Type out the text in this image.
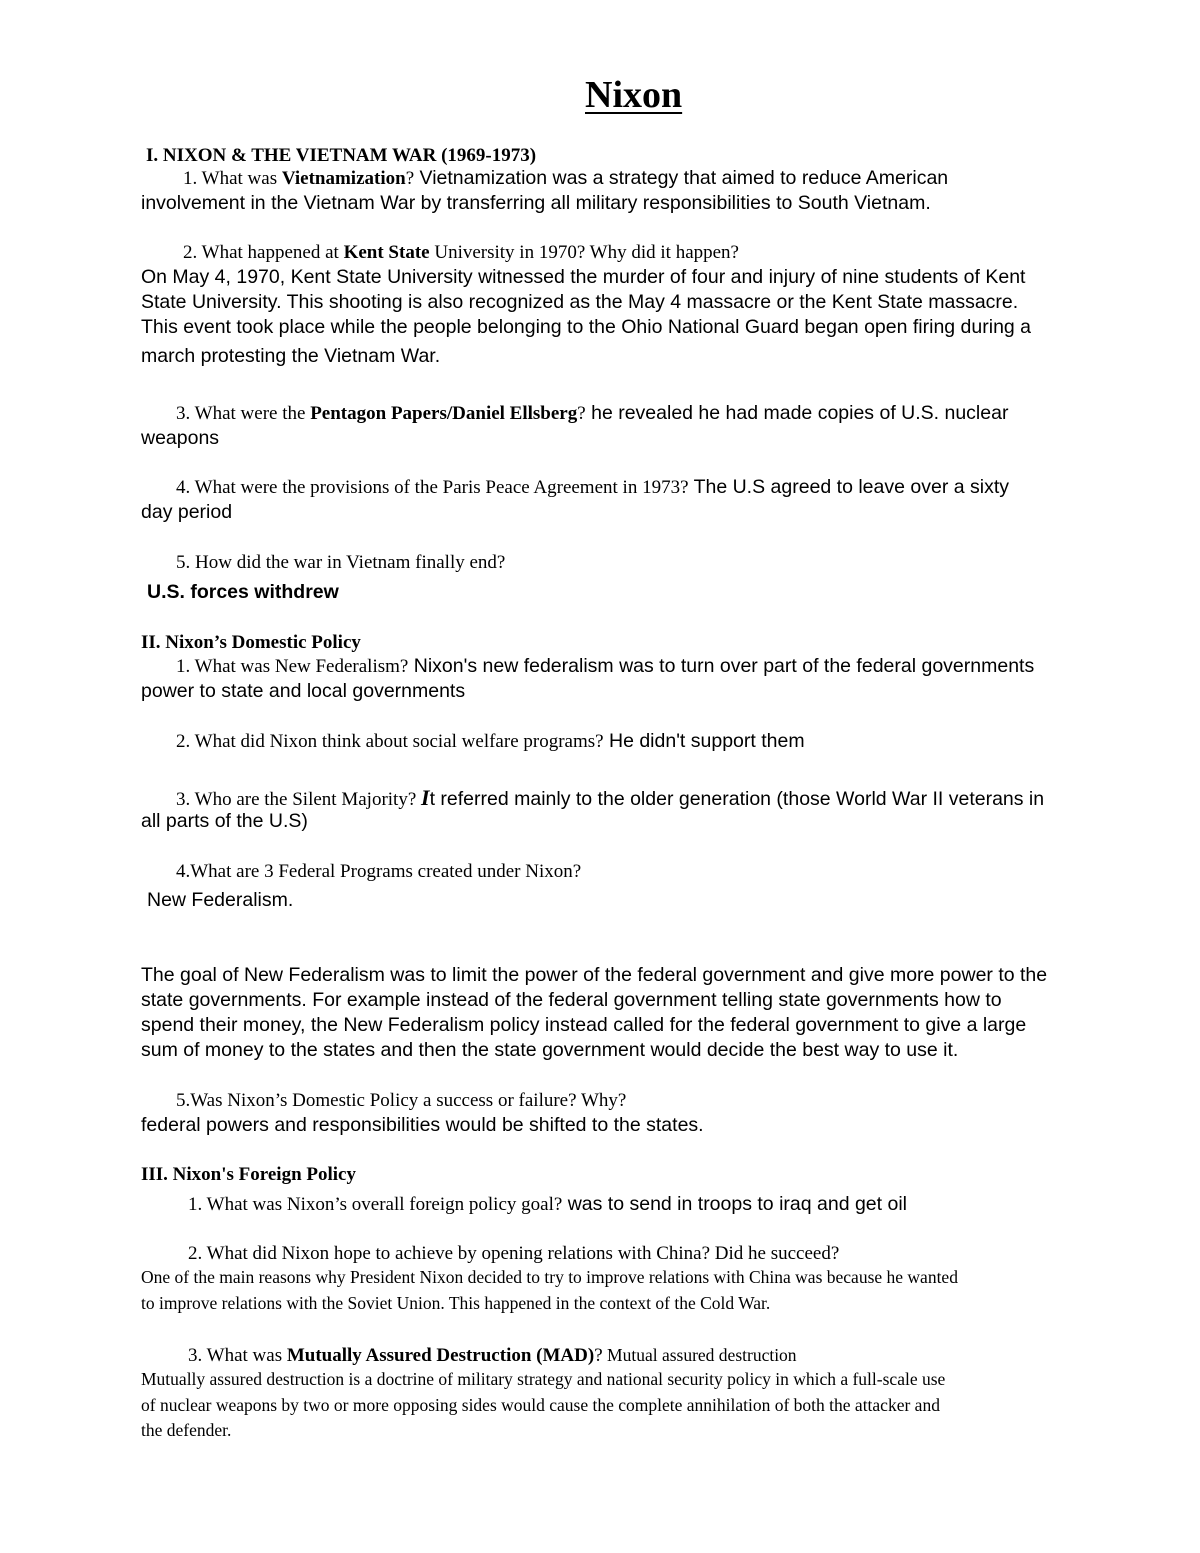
Nixon
I. NIXON & THE VIETNAM WAR (1969-1973)
1. What was Vietnamization? Vietnamization was a strategy that aimed to reduce American
involvement in the Vietnam War by transferring all military responsibilities to South Vietnam.
2. What happened at Kent State University in 1970? Why did it happen?
On May 4, 1970, Kent State University witnessed the murder of four and injury of nine students of Kent
State University. This shooting is also recognized as the May 4 massacre or the Kent State massacre.
This event took place while the people belonging to the Ohio National Guard began open firing during a
march protesting the Vietnam War.
3. What were the Pentagon Papers/Daniel Ellsberg? he revealed he had made copies of U.S. nuclear
weapons
4. What were the provisions of the Paris Peace Agreement in 1973? The U.S agreed to leave over a sixty
day period
5. How did the war in Vietnam finally end?
U.S. forces withdrew
II. Nixon’s Domestic Policy
1. What was New Federalism? Nixon's new federalism was to turn over part of the federal governments
power to state and local governments
2. What did Nixon think about social welfare programs? He didn't support them
3. Who are the Silent Majority? It referred mainly to the older generation (those World War II veterans in
all parts of the U.S)
4.What are 3 Federal Programs created under Nixon?
New Federalism.
The goal of New Federalism was to limit the power of the federal government and give more power to the
state governments. For example instead of the federal government telling state governments how to
spend their money, the New Federalism policy instead called for the federal government to give a large
sum of money to the states and then the state government would decide the best way to use it.
5.Was Nixon’s Domestic Policy a success or failure? Why?
federal powers and responsibilities would be shifted to the states.
III. Nixon's Foreign Policy
1. What was Nixon’s overall foreign policy goal? was to send in troops to iraq and get oil
2. What did Nixon hope to achieve by opening relations with China? Did he succeed?
One of the main reasons why President Nixon decided to try to improve relations with China was because he wanted
to improve relations with the Soviet Union. This happened in the context of the Cold War.
3. What was Mutually Assured Destruction (MAD)? Mutual assured destruction
Mutually assured destruction is a doctrine of military strategy and national security policy in which a full-scale use
of nuclear weapons by two or more opposing sides would cause the complete annihilation of both the attacker and
the defender.
